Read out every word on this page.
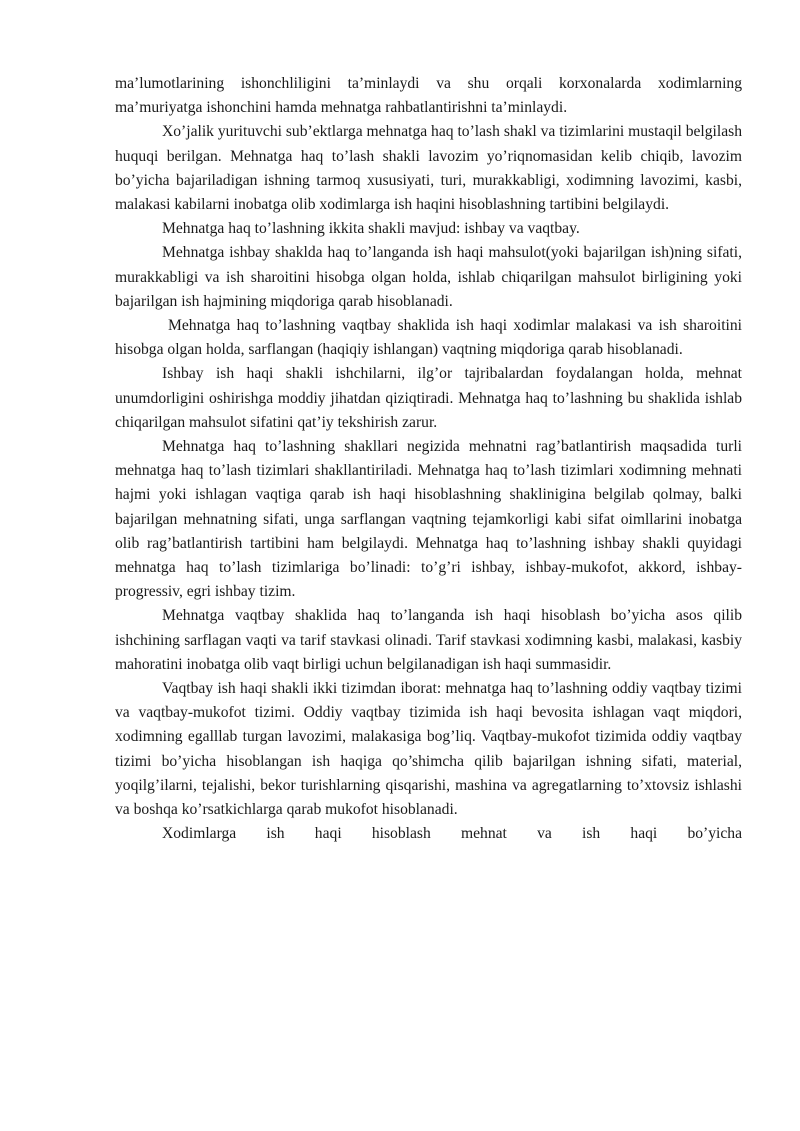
ma’lumotlarining ishonchliligini ta’minlaydi va shu orqali korxonalarda xodimlarning ma’muriyatga ishonchini hamda mehnatga rahbatlantirishni ta’minlaydi.

Xo’jalik yurituvchi sub’ektlarga mehnatga haq to’lash shakl va tizimlarini mustaqil belgilash huquqi berilgan. Mehnatga haq to’lash shakli lavozim yo’riqnomasidan kelib chiqib, lavozim bo’yicha bajariladigan ishning tarmoq xususiyati, turi, murakkabligi, xodimning lavozimi, kasbi, malakasi kabilarni inobatga olib xodimlarga ish haqini hisoblashning tartibini belgilaydi.

Mehnatga haq to’lashning ikkita shakli mavjud: ishbay va vaqtbay.

Mehnatga ishbay shaklda haq to’langanda ish haqi mahsulot(yoki bajarilgan ish)ning sifati, murakkabligi va ish sharoitini hisobga olgan holda, ishlab chiqarilgan mahsulot birligining yoki bajarilgan ish hajmining miqdoriga qarab hisoblanadi.

Mehnatga haq to’lashning vaqtbay shaklida ish haqi xodimlar malakasi va ish sharoitini hisobga olgan holda, sarflangan (haqiqiy ishlangan) vaqtning miqdoriga qarab hisoblanadi.

Ishbay ish haqi shakli ishchilarni, ilg’or tajribalardan foydalangan holda, mehnat unumdorligini oshirishga moddiy jihatdan qiziqtiradi. Mehnatga haq to’lashning bu shaklida ishlab chiqarilgan mahsulot sifatini qat’iy tekshirish zarur.

Mehnatga haq to’lashning shakllari negizida mehnatni rag’batlantirish maqsadida turli mehnatga haq to’lash tizimlari shakllantiriladi. Mehnatga haq to’lash tizimlari xodimning mehnati hajmi yoki ishlagan vaqtiga qarab ish haqi hisoblashning shaklinigina belgilab qolmay, balki bajarilgan mehnatning sifati, unga sarflangan vaqtning tejamkorligi kabi sifat oimllarini inobatga olib rag’batlantirish tartibini ham belgilaydi. Mehnatga haq to’lashning ishbay shakli quyidagi mehnatga haq to’lash tizimlariga bo’linadi: to’g’ri ishbay, ishbay-mukofot, akkord, ishbay-progressiv, egri ishbay tizim.

Mehnatga vaqtbay shaklida haq to’langanda ish haqi hisoblash bo’yicha asos qilib ishchining sarflagan vaqti va tarif stavkasi olinadi. Tarif stavkasi xodimning kasbi, malakasi, kasbiy mahoratini inobatga olib vaqt birligi uchun belgilanadigan ish haqi summasidir.

Vaqtbay ish haqi shakli ikki tizimdan iborat: mehnatga haq to’lashning oddiy vaqtbay tizimi va vaqtbay-mukofot tizimi. Oddiy vaqtbay tizimida ish haqi bevosita ishlagan vaqt miqdori, xodimning egalllab turgan lavozimi, malakasiga bog’liq. Vaqtbay-mukofot tizimida oddiy vaqtbay tizimi bo’yicha hisoblangan ish haqiga qo’shimcha qilib bajarilgan ishning sifati, material, yoqilg’ilarni, tejalishi, bekor turishlarning qisqarishi, mashina va agregatlarning to’xtovsiz ishlashi va boshqa ko’rsatkichlarga qarab mukofot hisoblanadi.

Xodimlarga ish haqi hisoblash mehnat va ish haqi bo’yicha
